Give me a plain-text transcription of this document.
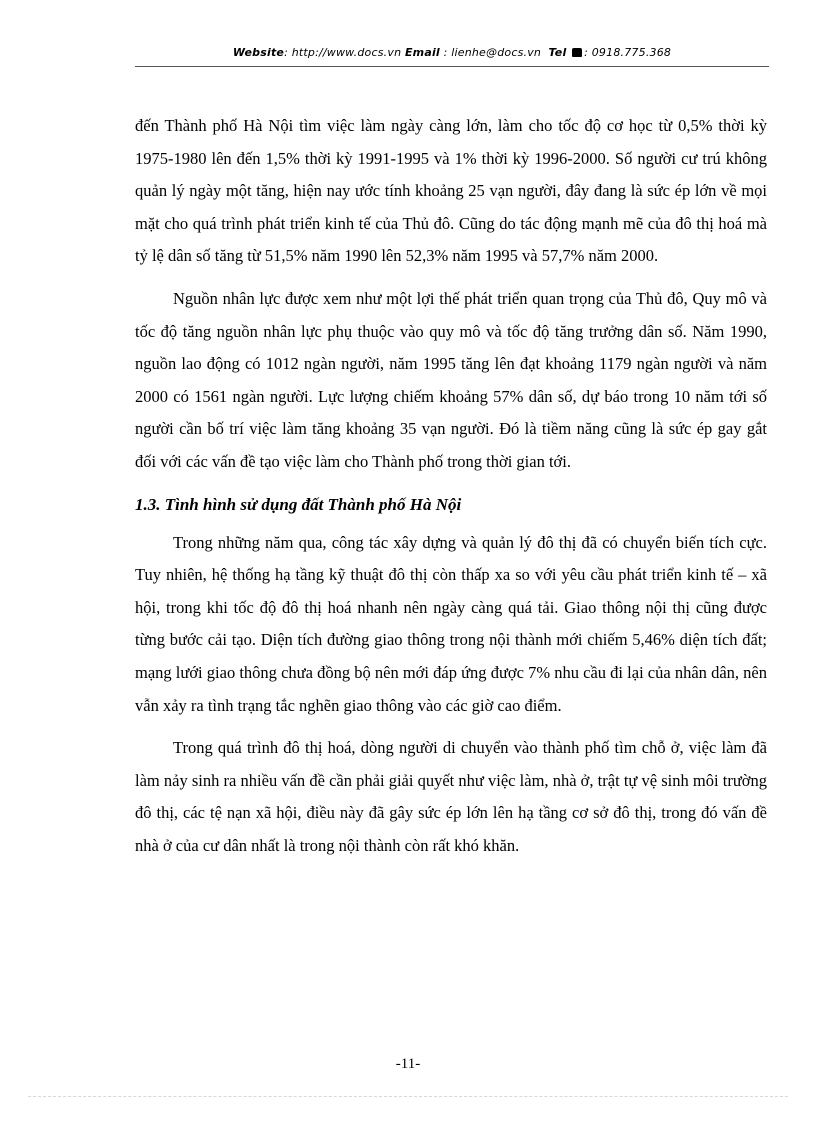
Website: http://www.docs.vn Email : lienhe@docs.vn Tel : 0918.775.368

đến Thành phố Hà Nội tìm việc làm ngày càng lớn, làm cho tốc độ cơ học từ 0,5% thời kỳ 1975-1980 lên đến 1,5% thời kỳ 1991-1995 và 1% thời kỳ 1996-2000. Số người cư trú không quản lý ngày một tăng, hiện nay ước tính khoảng 25 vạn người, đây đang là sức ép lớn về mọi mặt cho quá trình phát triển kinh tế của Thủ đô. Cũng do tác động mạnh mẽ của đô thị hoá mà tỷ lệ dân số tăng từ 51,5% năm 1990 lên 52,3% năm 1995 và 57,7% năm 2000.

Nguồn nhân lực được xem như một lợi thế phát triển quan trọng của Thủ đô, Quy mô và tốc độ tăng nguồn nhân lực phụ thuộc vào quy mô và tốc độ tăng trưởng dân số. Năm 1990, nguồn lao động có 1012 ngàn người, năm 1995 tăng lên đạt khoảng 1179 ngàn người và năm 2000 có 1561 ngàn người. Lực lượng chiếm khoảng 57% dân số, dự báo trong 10 năm tới số người cần bố trí việc làm tăng khoảng 35 vạn người. Đó là tiềm năng cũng là sức ép gay gắt đối với các vấn đề tạo việc làm cho Thành phố trong thời gian tới.

1.3. Tình hình sử dụng đất Thành phố Hà Nội

Trong những năm qua, công tác xây dựng và quản lý đô thị đã có chuyển biến tích cực. Tuy nhiên, hệ thống hạ tầng kỹ thuật đô thị còn thấp xa so với yêu cầu phát triển kinh tế – xã hội, trong khi tốc độ đô thị hoá nhanh nên ngày càng quá tải. Giao thông nội thị cũng được từng bước cải tạo. Diện tích đường giao thông trong nội thành mới chiếm 5,46% diện tích đất; mạng lưới giao thông chưa đồng bộ nên mới đáp ứng được 7% nhu cầu đi lại của nhân dân, nên vẫn xảy ra tình trạng tắc nghẽn giao thông vào các giờ cao điểm.

Trong quá trình đô thị hoá, dòng người di chuyển vào thành phố tìm chỗ ở, việc làm đã làm nảy sinh ra nhiều vấn đề cần phải giải quyết như việc làm, nhà ở, trật tự vệ sinh môi trường đô thị, các tệ nạn xã hội, điều này đã gây sức ép lớn lên hạ tầng cơ sở đô thị, trong đó vấn đề nhà ở của cư dân nhất là trong nội thành còn rất khó khăn.

-11-
